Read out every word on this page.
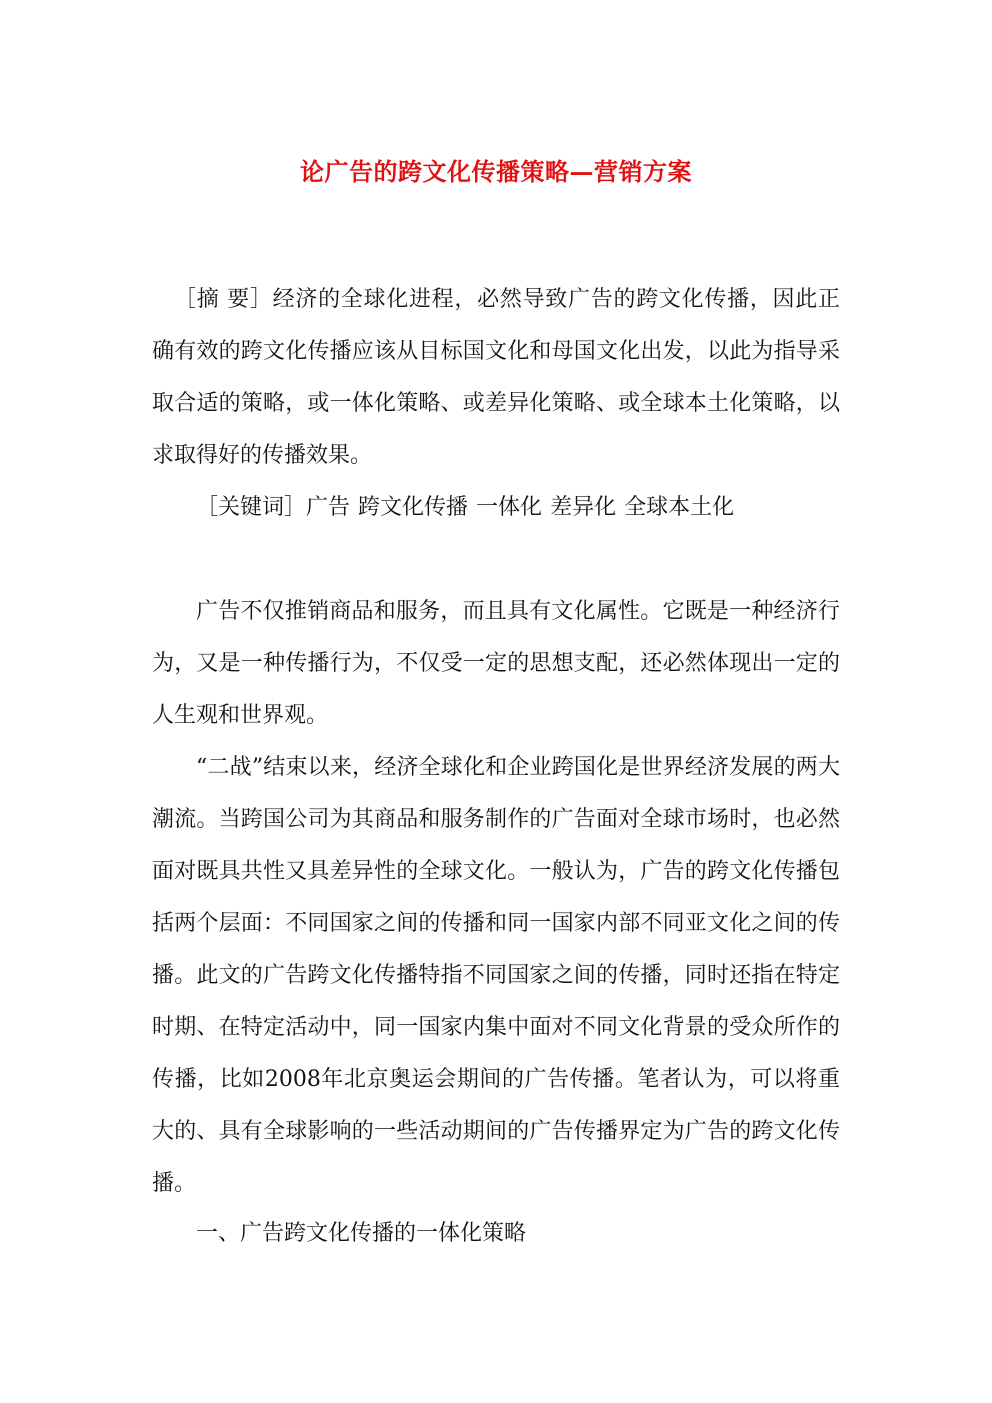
论广告的跨文化传播策略—营销方案

［摘 要］经济的全球化进程，必然导致广告的跨文化传播，因此正确有效的跨文化传播应该从目标国文化和母国文化出发，以此为指导采取合适的策略，或一体化策略、或差异化策略、或全球本土化策略，以求取得好的传播效果。

［关键词］广告 跨文化传播 一体化 差异化 全球本土化

广告不仅推销商品和服务，而且具有文化属性。它既是一种经济行为，又是一种传播行为，不仅受一定的思想支配，还必然体现出一定的人生观和世界观。

“二战”结束以来，经济全球化和企业跨国化是世界经济发展的两大潮流。当跨国公司为其商品和服务制作的广告面对全球市场时，也必然面对既具共性又具差异性的全球文化。一般认为，广告的跨文化传播包括两个层面：不同国家之间的传播和同一国家内部不同亚文化之间的传播。此文的广告跨文化传播特指不同国家之间的传播，同时还指在特定时期、在特定活动中，同一国家内集中面对不同文化背景的受众所作的传播，比如2008年北京奥运会期间的广告传播。笔者认为，可以将重大的、具有全球影响的一些活动期间的广告传播界定为广告的跨文化传播。

一、广告跨文化传播的一体化策略
